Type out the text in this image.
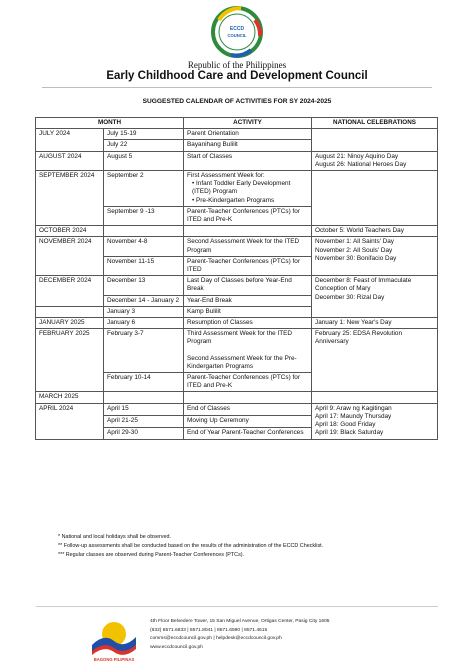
ECCD
COUNCIL
Republic of the Philippines
Early Childhood Care and Development Council
SUGGESTED CALENDAR OF ACTIVITIES FOR SY 2024-2025
MONTH		ACTIVITY	NATIONAL CELEBRATIONS
JULY 2024	July 15-19	Parent Orientation	
	July 22	Bayanihang Bulilit	
AUGUST 2024	August 5	Start of Classes	August 21: Ninoy Aquino Day
August 26: National Heroes Day

SEPTEMBER 2024	September 2	First Assessment Week for:
• Infant Toddler Early Development (ITED) Program
• Pre-Kindergarten Programs	

	September 9 -13	Parent-Teacher Conferences (PTCs) for ITED and Pre-K	
OCTOBER 2024			October 5: World Teachers Day
NOVEMBER 2024	November 4-8	Second Assessment Week for the ITED Program	November 1: All Saints' Day
November 2: All Souls' Day
November 30: Bonifacio Day

	November 11-15	Parent-Teacher Conferences (PTCs) for ITED	
DECEMBER 2024	December 13	Last Day of Classes before Year-End Break	December 8: Feast of Immaculate Conception of Mary
December 30: Rizal Day

	December 14 - January 2	Year-End Break	
	January 3	Kamp Bulilit	
JANUARY 2025	January 6	Resumption of Classes	January 1: New Year's Day
FEBRUARY 2025	February 3-7	Third Assessment Week for the ITED Program
Second Assessment Week for the Pre-Kindergarten Programs	February 25: EDSA Revolution Anniversary
	February 10-14	Parent-Teacher Conferences (PTCs) for ITED and Pre-K	
MARCH 2025			
APRIL 2024	April 15	End of Classes	April 9: Araw ng Kagitingan
April 17: Maundy Thursday
April 18: Good Friday
April 19: Black Saturday

	April 21-25	Moving Up Ceremony	
	April 29-30	End of Year Parent-Teacher Conferences	
* National and local holidays shall be observed.
** Follow-up assessments shall be conducted based on the results of the administration of the ECCD Checklist.
*** Regular classes are observed during Parent-Teacher Conferences (PTCs).
BAGONG PILIPINAS
4th Floor Belvedere Tower, 15 San Miguel Avenue, Ortigas Center, Pasig City 1605
(632) 8571.6833 | 8571.8041 | 8571.6590 | 8571.4615
comms@eccdcouncil.gov.ph | helpdesk@eccdcouncil.gov.ph
www.eccdcouncil.gov.ph
